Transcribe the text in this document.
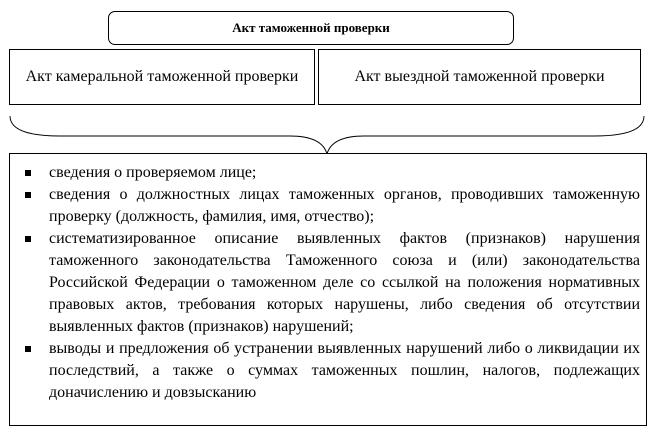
Акт таможенной проверки
Акт камеральной таможенной проверки	Акт выездной таможенной проверки
сведения о проверяемом лице;
сведения о должностных лицах таможенных органов, проводивших таможенную проверку (должность, фамилия, имя, отчество);
систематизированное описание выявленных фактов (признаков) нарушения таможенного законодательства Таможенного союза и (или) законодательства Российской Федерации о таможенном деле со ссылкой на положения нормативных правовых актов, требования которых нарушены, либо сведения об отсутствии выявленных фактов (признаков) нарушений;
выводы и предложения об устранении выявленных нарушений либо о ликвидации их последствий, а также о суммах таможенных пошлин, налогов, подлежащих доначислению и довзысканию
